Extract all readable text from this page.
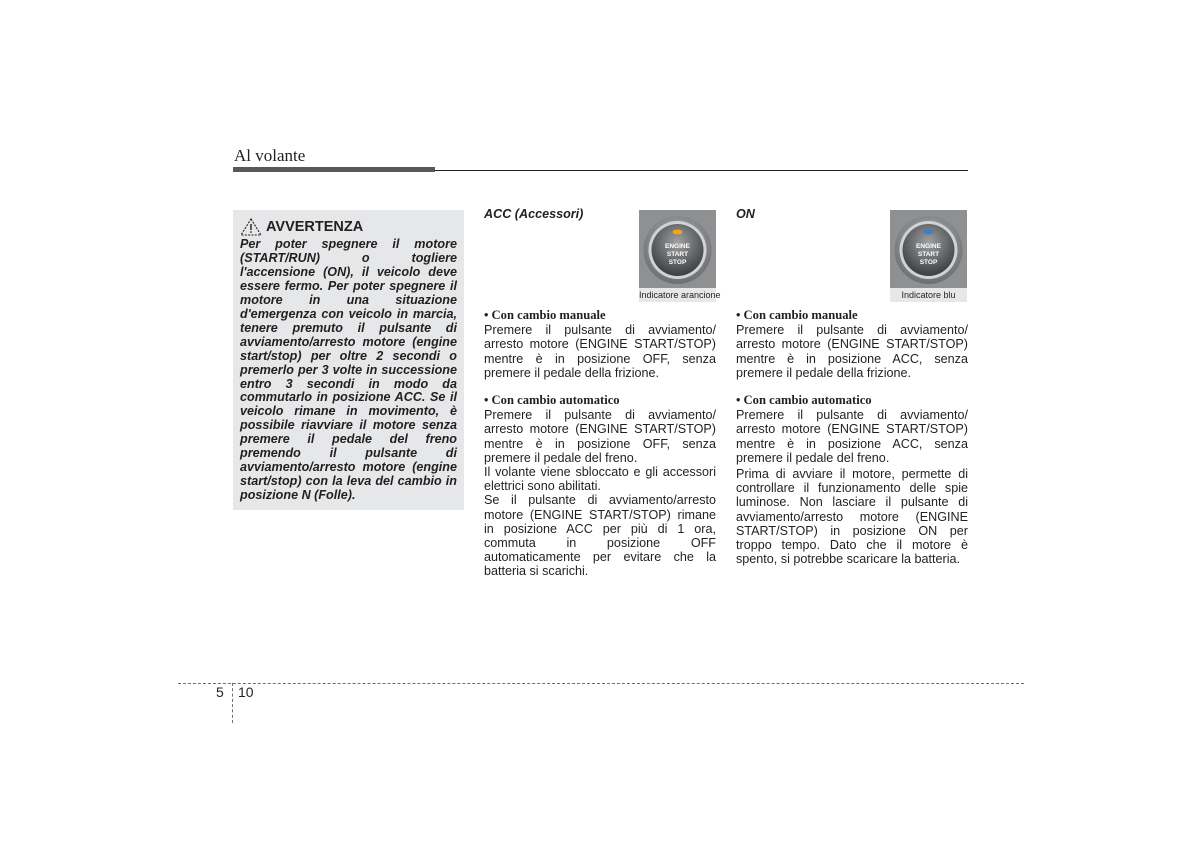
Al volante
AVVERTENZA

Per poter spegnere il motore (START/RUN) o togliere l'accensione (ON), il veicolo deve essere fermo. Per poter spegnere il motore in una situazione d'emergenza con veicolo in marcia, tenere premuto il pulsante di avviamento/arresto motore (engine start/stop) per oltre 2 secondi o premerlo per 3 volte in successione entro 3 secondi in modo da commutarlo in posizione ACC. Se il veicolo rimane in movimento, è possibile riavviare il motore senza premere il pedale del freno premendo il pulsante di avviamento/arresto motore (engine start/stop) con la leva del cambio in posizione N (Folle).

ACC (Accessori)
ENGINE
START
STOP
Indicatore arancione

• Con cambio manuale

Premere il pulsante di avviamento/ arresto motore (ENGINE START/STOP) mentre è in posizione OFF, senza premere il pedale della frizione.

• Con cambio automatico

Premere il pulsante di avviamento/ arresto motore (ENGINE START/STOP) mentre è in posizione OFF, senza premere il pedale del freno.

Il volante viene sbloccato e gli accessori elettrici sono abilitati.

Se il pulsante di avviamento/arresto motore (ENGINE START/STOP) rimane in posizione ACC per più di 1 ora, commuta in posizione OFF automaticamente per evitare che la batteria si scarichi.

ON
ENGINE
START
STOP
Indicatore blu

• Con cambio manuale

Premere il pulsante di avviamento/ arresto motore (ENGINE START/STOP) mentre è in posizione ACC, senza premere il pedale della frizione.

• Con cambio automatico

Premere il pulsante di avviamento/ arresto motore (ENGINE START/STOP) mentre è in posizione ACC, senza premere il pedale del freno.

Prima di avviare il motore, permette di controllare il funzionamento delle spie luminose. Non lasciare il pulsante di avviamento/arresto motore (ENGINE START/STOP) in posizione ON per troppo tempo. Dato che il motore è spento, si potrebbe scaricare la batteria.

5 10
